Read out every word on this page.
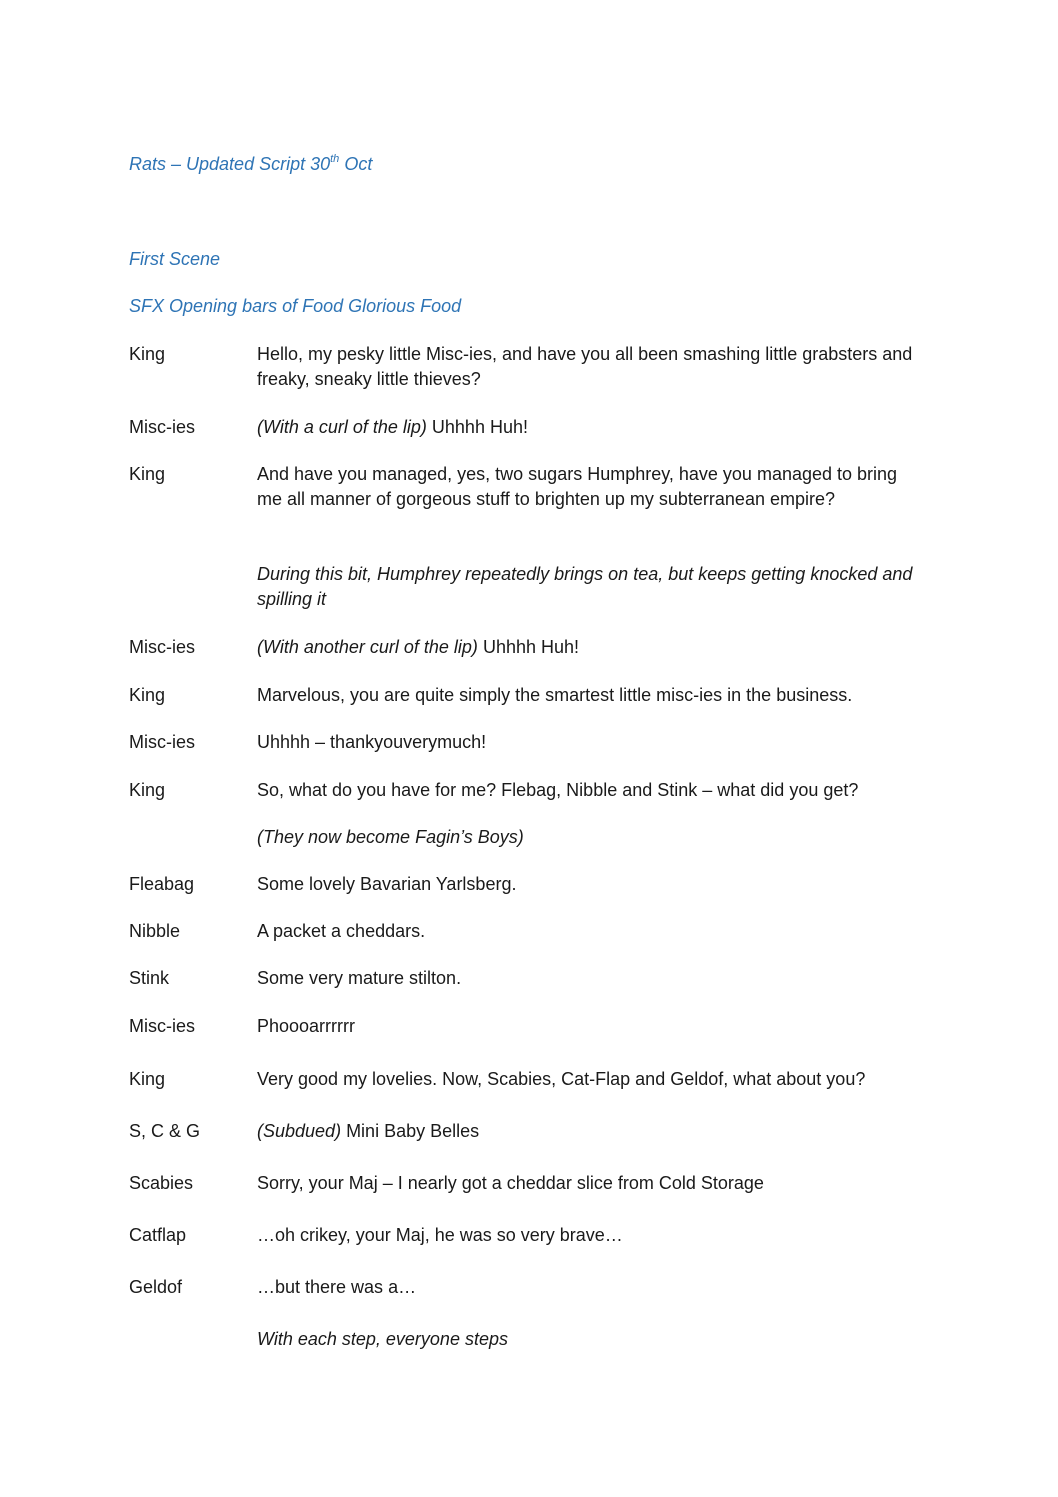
Rats – Updated Script 30th Oct
First Scene
SFX Opening bars of Food Glorious Food
King	Hello, my pesky little Misc-ies, and have you all been smashing little grabsters and freaky, sneaky little thieves?
Misc-ies	(With a curl of the lip) Uhhhh Huh!
King	And have you managed, yes, two sugars Humphrey, have you managed to bring me all manner of gorgeous stuff to brighten up my subterranean empire?
During this bit, Humphrey repeatedly brings on tea, but keeps getting knocked and spilling it
Misc-ies	(With another curl of the lip) Uhhhh Huh!
King	Marvelous, you are quite simply the smartest little misc-ies in the business.
Misc-ies	Uhhhh – thankyouverymuch!
King	So, what do you have for me? Flebag, Nibble and Stink – what did you get?
(They now become Fagin’s Boys)
Fleabag	Some lovely Bavarian Yarlsberg.
Nibble	A packet a cheddars.
Stink	Some very mature stilton.
Misc-ies	Phoooarrrrrr
King	Very good my lovelies. Now, Scabies, Cat-Flap and Geldof, what about you?
S, C & G	(Subdued) Mini Baby Belles
Scabies	Sorry, your Maj – I nearly got a cheddar slice from Cold Storage
Catflap	…oh crikey, your Maj, he was so very brave…
Geldof	…but there was a…
With each step, everyone steps
